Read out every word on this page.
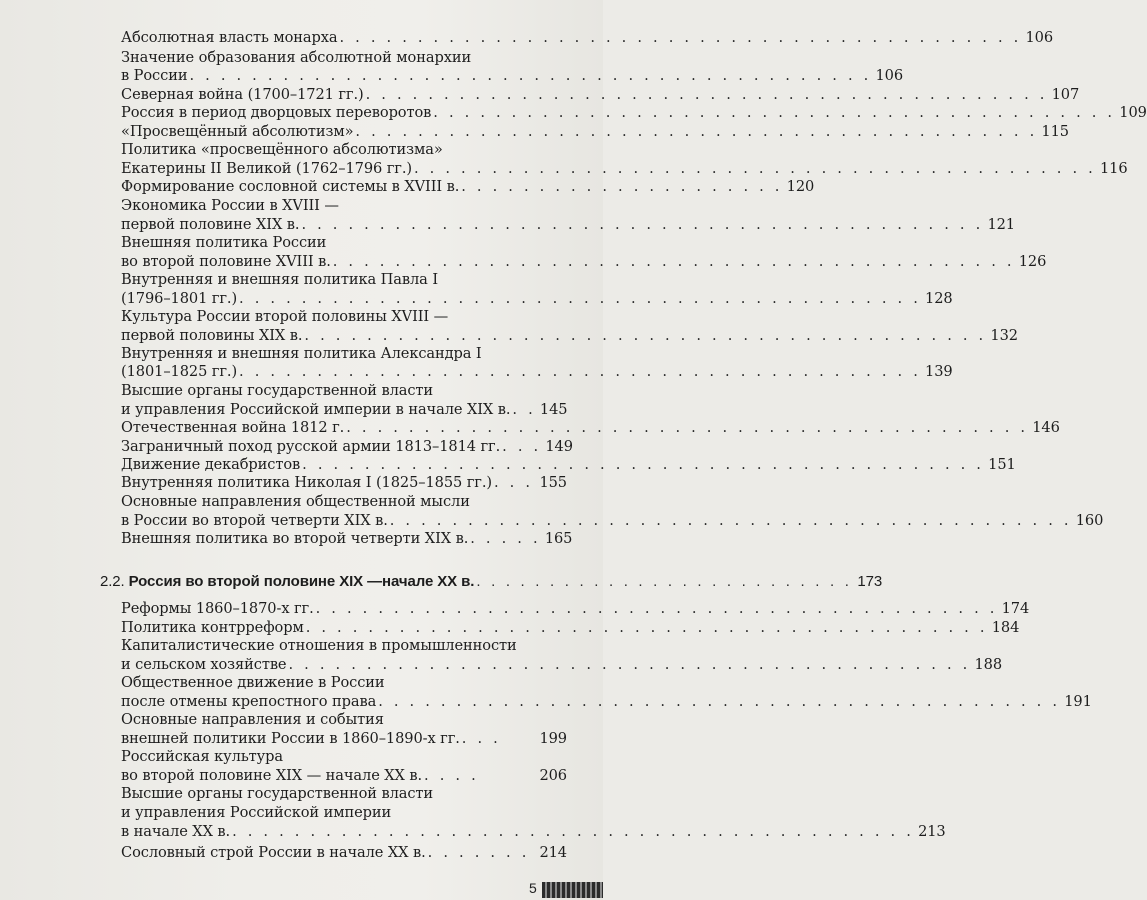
Абсолютная власть монарха . . . . . . . . . . . . . . . . . . . . . . . . . . . . . . . . . . . . . . . . . . . . 106
Значение образования абсолютной монархии
в России . . . . . . . . . . . . . . . . . . . . . . . . . . . . . . . . . . . . . . . . . . . . 106
Северная война (1700–1721 гг.) . . . . . . . . . . . . . . . . . . . . . . . . . . . . . . . . . . . . . . . . . . . . 107
Россия в период дворцовых переворотов . . . . . . . . . . . . . . . . . . . . . . . . . . . . . . . . . . . . . . . . . . . . 109
«Просвещённый абсолютизм» . . . . . . . . . . . . . . . . . . . . . . . . . . . . . . . . . . . . . . . . . . . . 115
Политика «просвещённого абсолютизма»
Екатерины II Великой (1762–1796 гг.) . . . . . . . . . . . . . . . . . . . . . . . . . . . . . . . . . . . . . . . . . . . . 116
Формирование сословной системы в XVIII в. . . . . . . . . . . . . . . . . . . . . . 120
Экономика России в XVIII —
первой половине XIX в. . . . . . . . . . . . . . . . . . . . . . . . . . . . . . . . . . . . . . . . . . . . . 121
Внешняя политика России
во второй половине XVIII в. . . . . . . . . . . . . . . . . . . . . . . . . . . . . . . . . . . . . . . . . . . . . 126
Внутренняя и внешняя политика Павла I
(1796–1801 гг.) . . . . . . . . . . . . . . . . . . . . . . . . . . . . . . . . . . . . . . . . . . . . 128
Культура России второй половины XVIII —
первой половины XIX в. . . . . . . . . . . . . . . . . . . . . . . . . . . . . . . . . . . . . . . . . . . . . 132
Внутренняя и внешняя политика Александра I
(1801–1825 гг.) . . . . . . . . . . . . . . . . . . . . . . . . . . . . . . . . . . . . . . . . . . . . 139
Высшие органы государственной власти
и управления Российской империи в начале XIX в. . . 145
Отечественная война 1812 г. . . . . . . . . . . . . . . . . . . . . . . . . . . . . . . . . . . . . . . . . . . . . 146
Заграничный поход русской армии 1813–1814 гг. . . . 149
Движение декабристов . . . . . . . . . . . . . . . . . . . . . . . . . . . . . . . . . . . . . . . . . . . . 151
Внутренняя политика Николая I (1825–1855 гг.) . . . 155
Основные направления общественной мысли
в России во второй четверти XIX в. . . . . . . . . . . . . . . . . . . . . . . . . . . . . . . . . . . . . . . . . . . . . 160
Внешняя политика во второй четверти XIX в. . . . . . 165
2.2. Россия во второй половине XIX —начале XX в. . . . . . . . . . . . . . . . . . . . . . . . . . . 173
Реформы 1860–1870-х гг. . . . . . . . . . . . . . . . . . . . . . . . . . . . . . . . . . . . . . . . . . . . . 174
Политика контрреформ . . . . . . . . . . . . . . . . . . . . . . . . . . . . . . . . . . . . . . . . . . . . 184
Капиталистические отношения в промышленности
и сельском хозяйстве . . . . . . . . . . . . . . . . . . . . . . . . . . . . . . . . . . . . . . . . . . . . 188
Общественное движение в России
после отмены крепостного права . . . . . . . . . . . . . . . . . . . . . . . . . . . . . . . . . . . . . . . . . . . . 191
Основные направления и события
внешней политики России в 1860–1890-х гг. . . .	199
Российская культура
во второй половине XIX — начале XX в. . . . .	206
Высшие органы государственной власти
и управления Российской империи
в начале XX в. . . . . . . . . . . . . . . . . . . . . . . . . . . . . . . . . . . . . . . . . . . . . 213
Сословный строй России в начале XX в. . . . . . . . 214
5
